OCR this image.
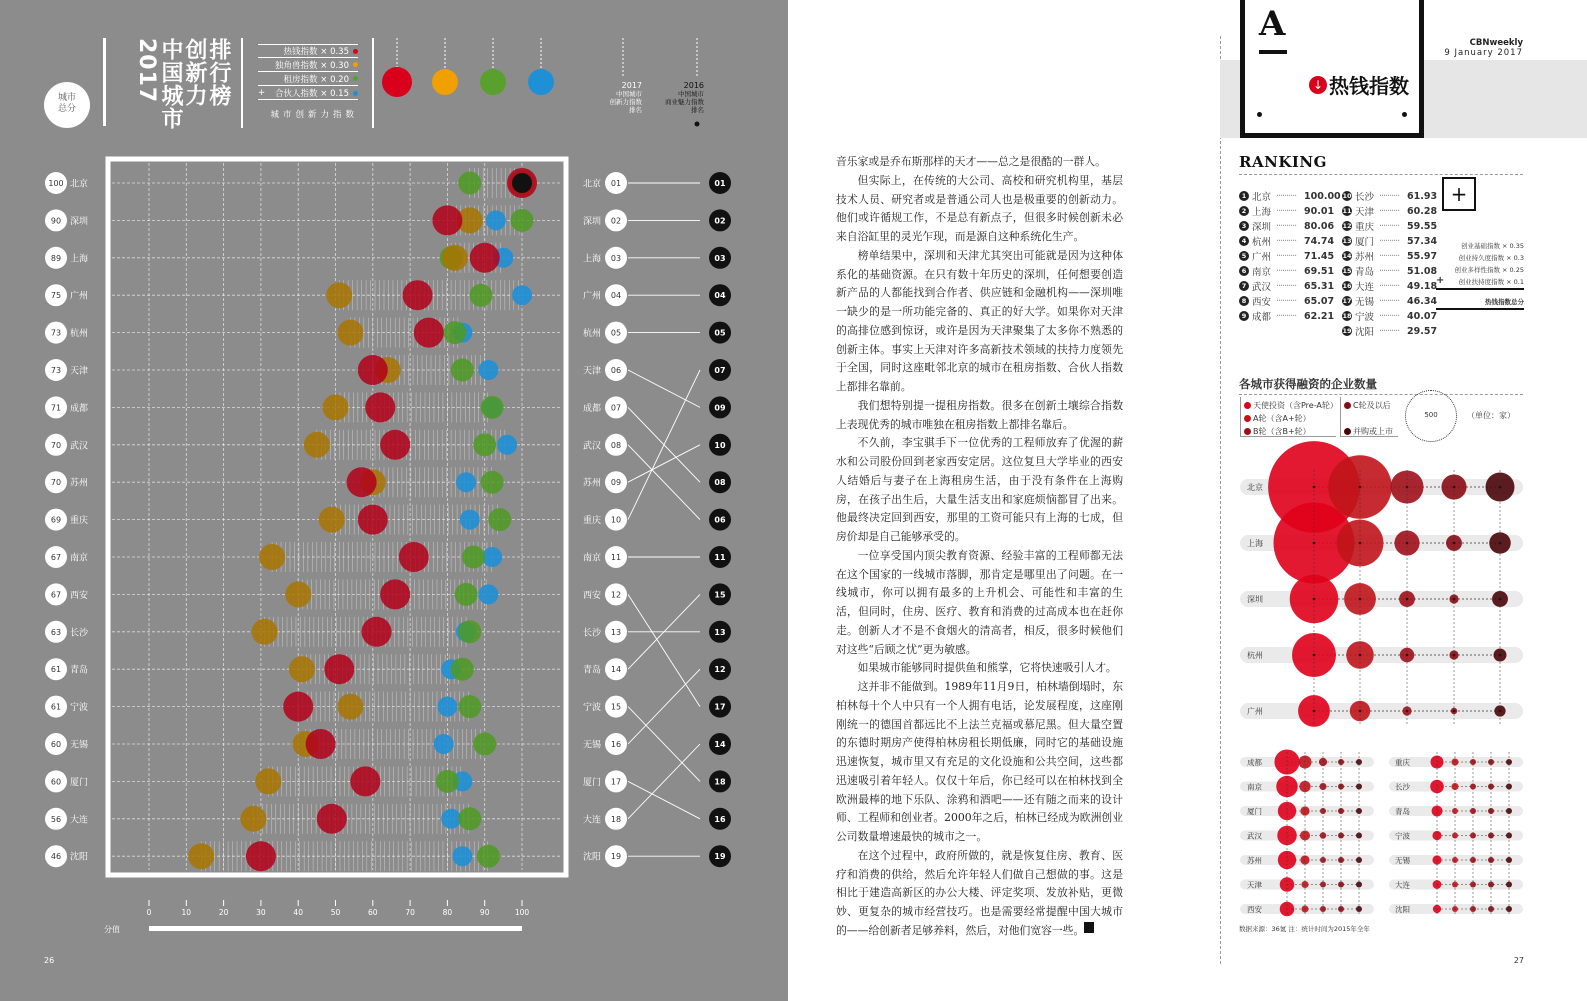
城市
总分
排行榜
创新力
中国城市
2017	热钱指数 × 0.35
独角兽指数 × 0.30
租房指数 × 0.20
+ 合伙人指数 × 0.15
城市创新力指数
2017
中国城市
创新力指数
排名
2016
中国城市
商业魅力指数
排名
分值
26
0	10	20	30	40	50	60	70	80	90	100
100 北京	北京 01	01
90 深圳	深圳 02	02
89 上海	上海 03	03
75 广州	广州 04	04
73 杭州	杭州 05	05
73 天津	天津 06	07
71 成都	成都 07	09
70 武汉	武汉 08	10
70 苏州	苏州 09	08
69 重庆	重庆 10	06
67 南京	南京 11	11
67 西安	西安 12	15
63 长沙	长沙 13	13
61 青岛	青岛 14	12
61 宁波	宁波 15	17
60 无锡	无锡 16	14
60 厦门	厦门 17	18
56 大连	大连 18	16
46 沈阳	沈阳 19	19

音乐家或是乔布斯那样的天才——总之是很酷的一群人。

但实际上，在传统的大公司、高校和研究机构里，基层技术人员、研究者或是普通公司人也是极重要的创新动力。他们或许循规工作，不是总有新点子，但很多时候创新未必来自浴缸里的灵光乍现，而是源自这种系统化生产。

榜单结果中，深圳和天津尤其突出可能就是因为这种体系化的基础资源。在只有数十年历史的深圳，任何想要创造新产品的人都能找到合作者、供应链和金融机构——深圳唯一缺少的是一所功能完备的、真正的好大学。如果你对天津的高排位感到惊讶，或许是因为天津聚集了太多你不熟悉的创新主体。事实上天津对许多高新技术领域的扶持力度领先于全国，同时这座毗邻北京的城市在租房指数、合伙人指数上都排名靠前。

我们想特别提一提租房指数。很多在创新土壤综合指数上表现优秀的城市唯独在租房指数上都排名靠后。

不久前，李宝骐手下一位优秀的工程师放弃了优渥的薪水和公司股份回到老家西安定居。这位复旦大学毕业的西安人结婚后与妻子在上海租房生活，由于没有条件在上海购房，在孩子出生后，大量生活支出和家庭烦恼都冒了出来。他最终决定回到西安，那里的工资可能只有上海的七成，但房价却是自己能够承受的。

一位享受国内顶尖教育资源、经验丰富的工程师都无法在这个国家的一线城市落脚，那肯定是哪里出了问题。在一线城市，你可以拥有最多的上升机会、可能性和丰富的生活，但同时，住房、医疗、教育和消费的过高成本也在赶你走。创新人才不是不食烟火的清高者，相反，很多时候他们对这些“后顾之忧”更为敏感。

如果城市能够同时提供鱼和熊掌，它将快速吸引人才。

这并非不能做到。1989年11月9日，柏林墙倒塌时，东柏林每十个人中只有一个人拥有电话，论发展程度，这座刚刚统一的德国首都远比不上法兰克福或慕尼黑。但大量空置的东德时期房产使得柏林房租长期低廉，同时它的基础设施迅速恢复，城市里又有充足的文化设施和公共空间，这些都迅速吸引着年轻人。仅仅十年后，你已经可以在柏林找到全欧洲最棒的地下乐队、涂鸦和酒吧——还有随之而来的设计师、工程师和创业者。2000年之后，柏林已经成为欧洲创业公司数量增速最快的城市之一。

在这个过程中，政府所做的，就是恢复住房、教育、医疗和消费的供给，然后允许年轻人们做自己想做的事。这是相比于建造高新区的办公大楼、评定奖项、发放补贴，更微妙、更复杂的城市经营技巧。也是需要经常提醒中国大城市的——给创新者足够养料，然后，对他们宽容一些。

A
↓ 热钱指数
CBNweekly
9 January 2017
RANKING
1 北京 ·········· 100.00
2 上海 ·········· 90.01
3 深圳 ·········· 80.06
4 杭州 ·········· 74.74
5 广州 ·········· 71.45
6 南京 ·········· 69.51
7 武汉 ·········· 65.31
8 西安 ·········· 65.07
9 成都 ·········· 62.21
10 长沙 ·········· 61.93
11 天津 ·········· 60.28
12 重庆 ·········· 59.55
13 厦门 ·········· 57.34
14 苏州 ·········· 55.97
15 青岛 ·········· 51.08
16 大连 ·········· 49.18
17 无锡 ·········· 46.34
18 宁波 ·········· 40.07
19 沈阳 ·········· 29.57
+
创业基础指数 × 0.35
创业持久度指数 × 0.3
创业多样性指数 × 0.25
+ 创业扶持度指数 × 0.1
热钱指数总分
各城市获得融资的企业数量
天使投资（含Pre-A轮）
A轮（含A+轮）
B轮（含B+轮）
C轮及以后
并购或上市
500	（单位：家）
北京
上海
深圳
杭州
广州
成都
南京
厦门
武汉
苏州
天津
西安
重庆
长沙
青岛
宁波
无锡
大连
沈阳
数据来源：36氪 注：统计时间为2015年全年
27
